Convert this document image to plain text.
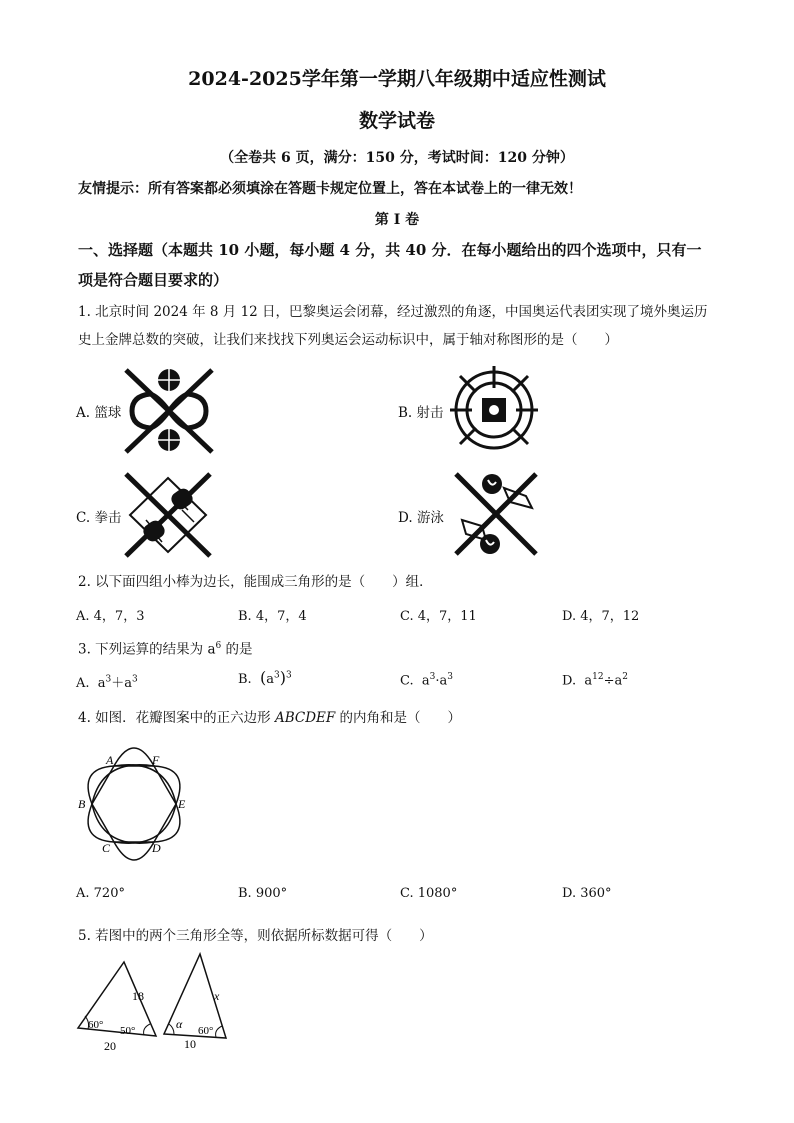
2024-2025学年第一学期八年级期中适应性测试
数学试卷
（全卷共 6 页，满分：150 分，考试时间：120 分钟）
友情提示：所有答案都必须填涂在答题卡规定位置上，答在本试卷上的一律无效！
第 Ⅰ 卷
一、选择题（本题共 10 小题，每小题 4 分，共 40 分．在每小题给出的四个选项中，只有一
项是符合题目要求的）
1. 北京时间 2024 年 8 月 12 日，巴黎奥运会闭幕，经过激烈的角逐，中国奥运代表团实现了境外奥运历
史上金牌总数的突破，让我们来找找下列奥运会运动标识中，属于轴对称图形的是（　　）
A. 篮球	B. 射击
C. 拳击	D. 游泳
2. 以下面四组小棒为边长，能围成三角形的是（　　）组．
A. 4，7，3	B. 4，7，4	C. 4，7，11	D. 4，7，12
3. 下列运算的结果为 $a^6$ 的是
A.  $a^3+a^3$	B. $(a^3)^3$	C.  $a^3\cdot a^3$	D.  $a^{12}\div a^2$
4. 如图．花瓣图案中的正六边形 ABCDEF 的内角和是（　　）
A
B
C	D
E
F
A. 720°	B. 900°	C. 1080°	D. 360°
5. 若图中的两个三角形全等，则依据所标数据可得（　　）
18
60° 50°
20
x
α 60°
10
